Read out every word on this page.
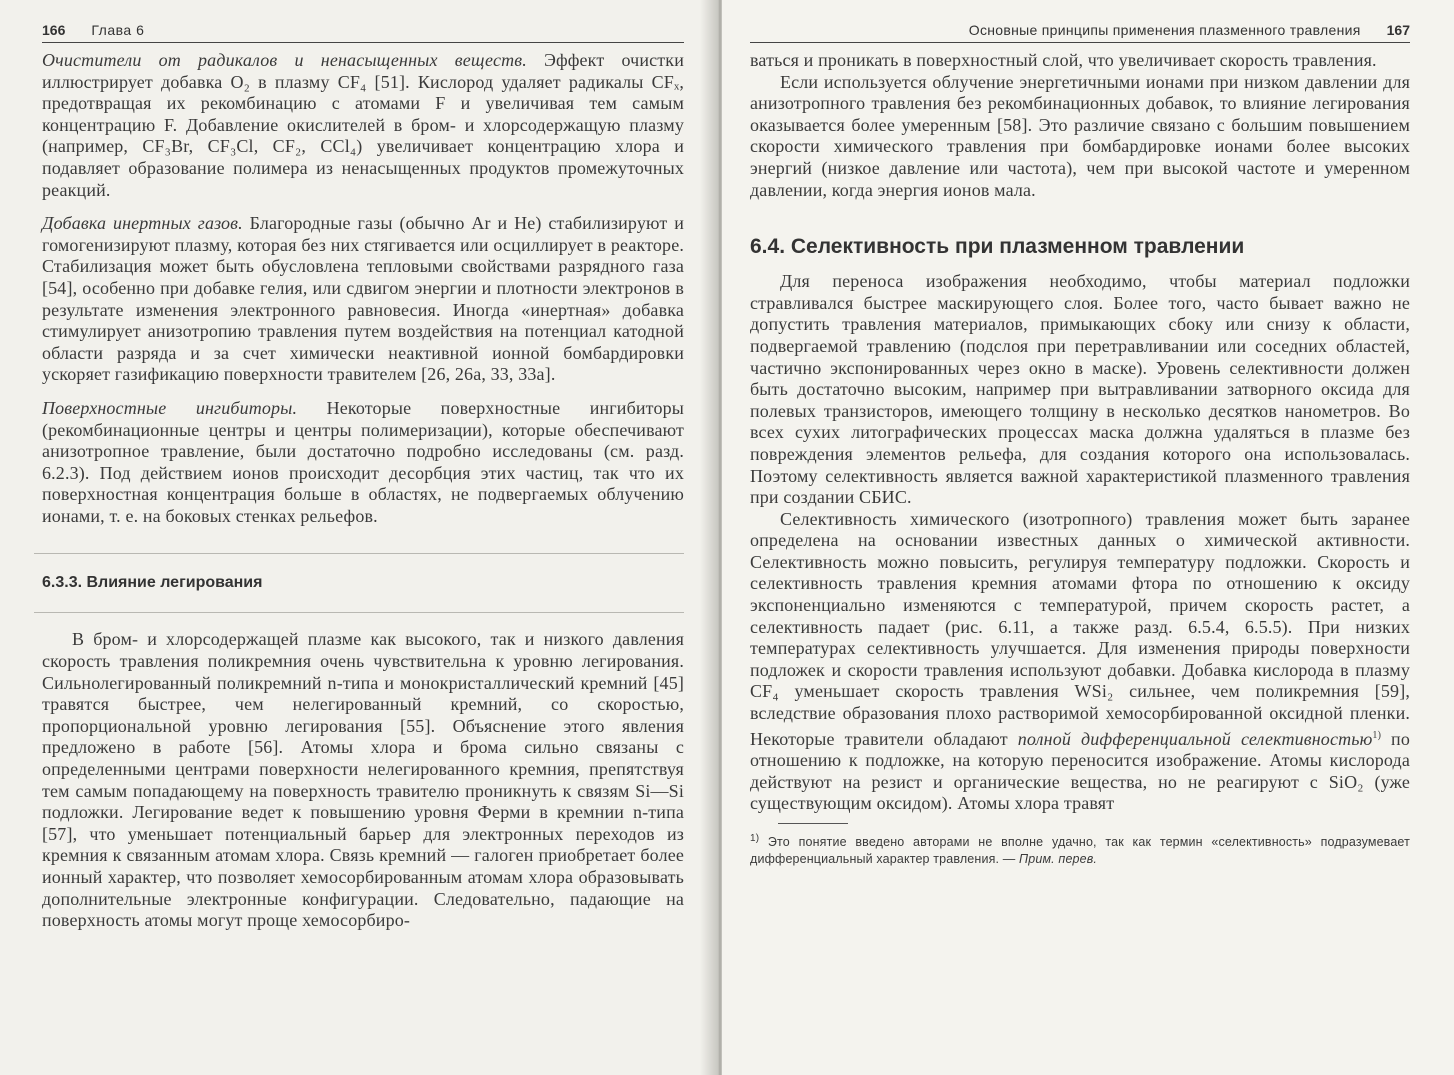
166 Глава 6

Очистители от радикалов и ненасыщенных веществ. Эффект очистки иллюстрирует добавка O₂ в плазму CF₄ [51]. Кислород удаляет радикалы CFₓ, предотвращая их рекомбинацию с атомами F и увеличивая тем самым концентрацию F. Добавление окислителей в бром- и хлорсодержащую плазму (например, CF₃Br, CF₃Cl, CF₂, CCl₄) увеличивает концентрацию хлора и подавляет образование полимера из ненасыщенных продуктов промежуточных реакций.

Добавка инертных газов. Благородные газы (обычно Ar и He) стабилизируют и гомогенизируют плазму, которая без них стягивается или осциллирует в реакторе. Стабилизация может быть обусловлена тепловыми свойствами разрядного газа [54], особенно при добавке гелия, или сдвигом энергии и плотности электронов в результате изменения электронного равновесия. Иногда «инертная» добавка стимулирует анизотропию травления путем воздействия на потенциал катодной области разряда и за счет химически неактивной ионной бомбардировки ускоряет газификацию поверхности травителем [26, 26a, 33, 33a].

Поверхностные ингибиторы. Некоторые поверхностные ингибиторы (рекомбинационные центры и центры полимеризации), которые обеспечивают анизотропное травление, были достаточно подробно исследованы (см. разд. 6.2.3). Под действием ионов происходит десорбция этих частиц, так что их поверхностная концентрация больше в областях, не подвергаемых облучению ионами, т. е. на боковых стенках рельефов.

6.3.3. Влияние легирования

В бром- и хлорсодержащей плазме как высокого, так и низкого давления скорость травления поликремния очень чувствительна к уровню легирования. Сильнолегированный поликремний n-типа и монокристаллический кремний [45] травятся быстрее, чем нелегированный кремний, со скоростью, пропорциональной уровню легирования [55]. Объяснение этого явления предложено в работе [56]. Атомы хлора и брома сильно связаны с определенными центрами поверхности нелегированного кремния, препятствуя тем самым попадающему на поверхность травителю проникнуть к связям Si—Si подложки. Легирование ведет к повышению уровня Ферми в кремнии n-типа [57], что уменьшает потенциальный барьер для электронных переходов из кремния к связанным атомам хлора. Связь кремний — галоген приобретает более ионный характер, что позволяет хемосорбированным атомам хлора образовывать дополнительные электронные конфигурации. Следовательно, падающие на поверхность атомы могут проще хемосорбиро-

Основные принципы применения плазменного травления 167

ваться и проникать в поверхностный слой, что увеличивает скорость травления.

Если используется облучение энергетичными ионами при низком давлении для анизотропного травления без рекомбинационных добавок, то влияние легирования оказывается более умеренным [58]. Это различие связано с большим повышением скорости химического травления при бомбардировке ионами более высоких энергий (низкое давление или частота), чем при высокой частоте и умеренном давлении, когда энергия ионов мала.

6.4. Селективность при плазменном травлении

Для переноса изображения необходимо, чтобы материал подложки стравливался быстрее маскирующего слоя. Более того, часто бывает важно не допустить травления материалов, примыкающих сбоку или снизу к области, подвергаемой травлению (подслоя при перетравливании или соседних областей, частично экспонированных через окно в маске). Уровень селективности должен быть достаточно высоким, например при вытравливании затворного оксида для полевых транзисторов, имеющего толщину в несколько десятков нанометров. Во всех сухих литографических процессах маска должна удаляться в плазме без повреждения элементов рельефа, для создания которого она использовалась. Поэтому селективность является важной характеристикой плазменного травления при создании СБИС.

Селективность химического (изотропного) травления может быть заранее определена на основании известных данных о химической активности. Селективность можно повысить, регулируя температуру подложки. Скорость и селективность травления кремния атомами фтора по отношению к оксиду экспоненциально изменяются с температурой, причем скорость растет, а селективность падает (рис. 6.11, а также разд. 6.5.4, 6.5.5). При низких температурах селективность улучшается. Для изменения природы поверхности подложек и скорости травления используют добавки. Добавка кислорода в плазму CF₄ уменьшает скорость травления WSi₂ сильнее, чем поликремния [59], вследствие образования плохо растворимой хемосорбированной оксидной пленки. Некоторые травители обладают полной дифференциальной селективностью$^{1)}$ по отношению к подложке, на которую переносится изображение. Атомы кислорода действуют на резист и органические вещества, но не реагируют с SiO₂ (уже существующим оксидом). Атомы хлора травят

$^{1)}$ Это понятие введено авторами не вполне удачно, так как термин «селективность» подразумевает дифференциальный характер травления. — Прим. перев.
